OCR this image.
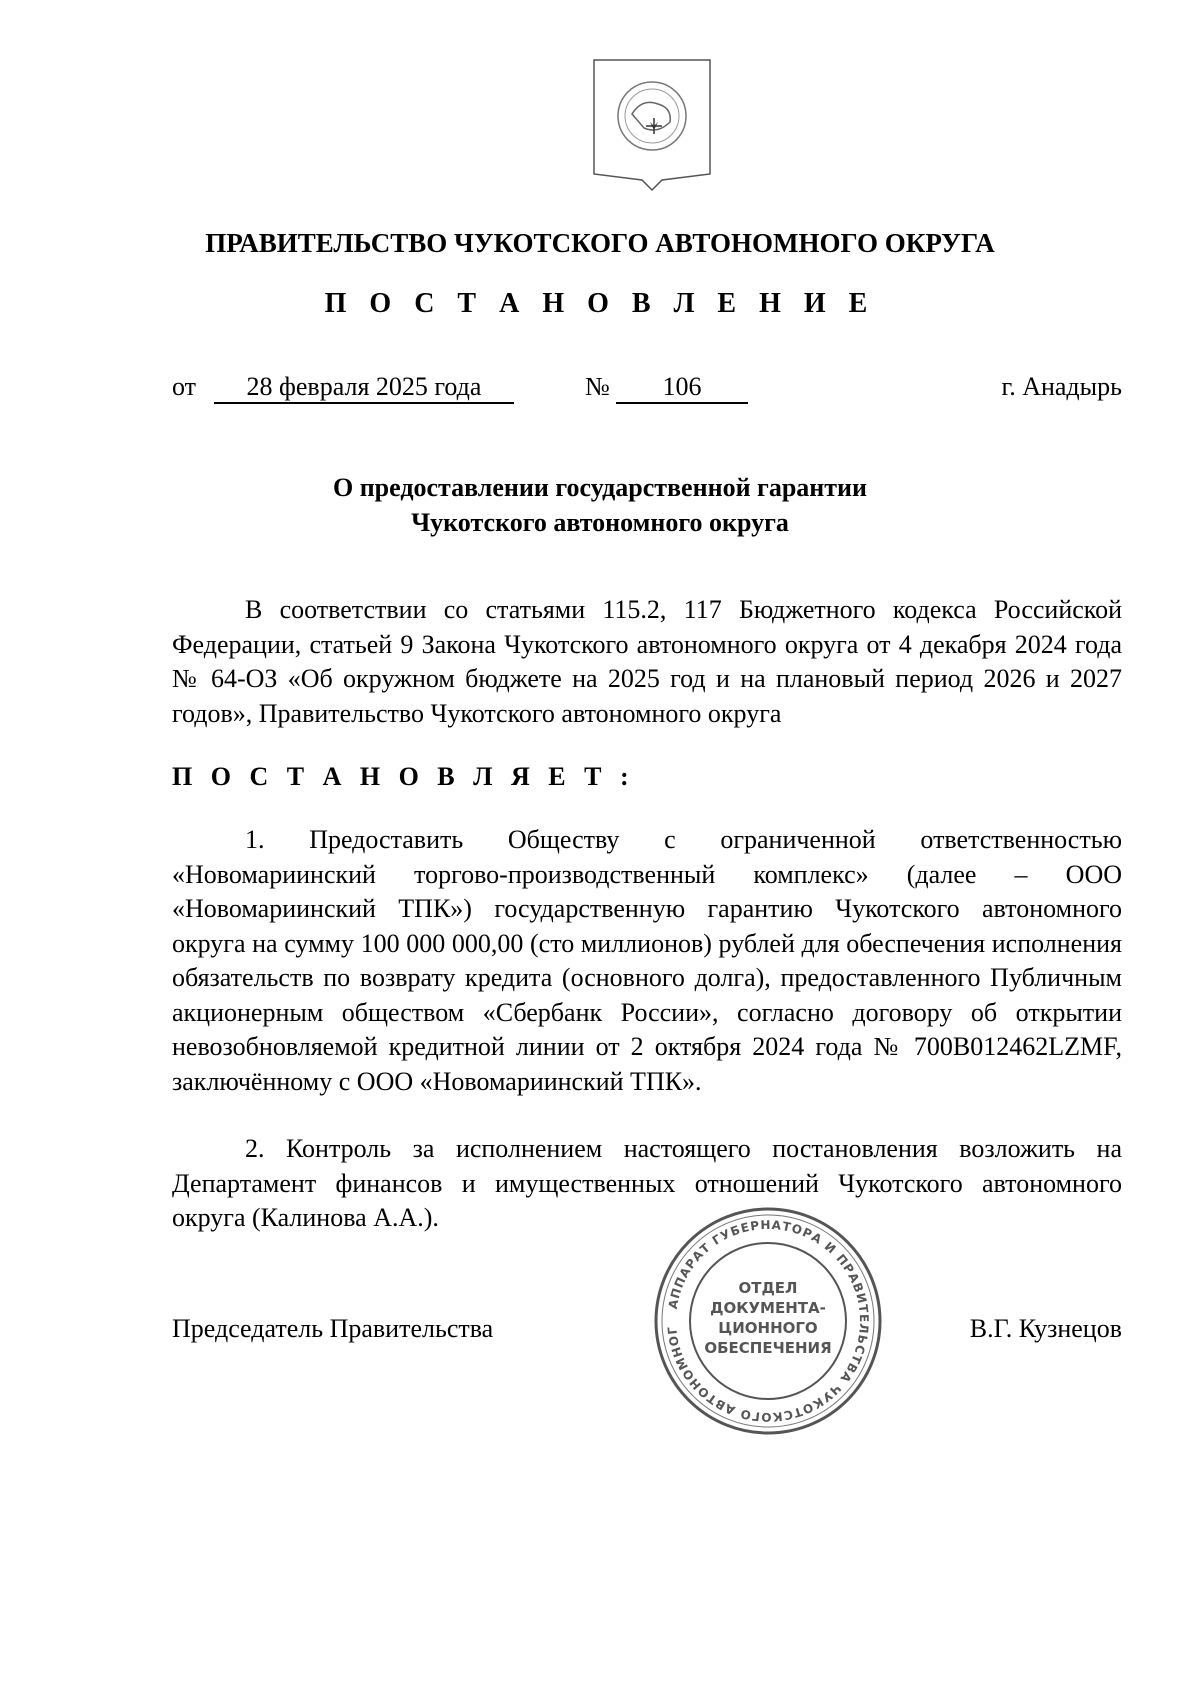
ПРАВИТЕЛЬСТВО ЧУКОТСКОГО АВТОНОМНОГО ОКРУГА
П О С Т А Н О В Л Е Н И Е
от	28 февраля 2025 года	№	106	г. Анадырь
О предоставлении государственной гарантии
Чукотского автономного округа

В соответствии со статьями 115.2, 117 Бюджетного кодекса Российской Федерации, статьей 9 Закона Чукотского автономного округа от 4 декабря 2024 года № 64-ОЗ «Об окружном бюджете на 2025 год и на плановый период 2026 и 2027 годов», Правительство Чукотского автономного округа

П О С Т А Н О В Л Я Е Т :

1. Предоставить Обществу с ограниченной ответственностью «Новомариинский торгово-производственный комплекс» (далее – ООО «Новомариинский ТПК») государственную гарантию Чукотского автономного округа на сумму 100 000 000,00 (сто миллионов) рублей для обеспечения исполнения обязательств по возврату кредита (основного долга), предоставленного Публичным акционерным обществом «Сбербанк России», согласно договору об открытии невозобновляемой кредитной линии от 2 октября 2024 года № 700B012462LZMF, заключённому с ООО «Новомариинский ТПК».

2. Контроль за исполнением настоящего постановления возложить на Департамент финансов и имущественных отношений Чукотского автономного округа (Калинова А.А.).

Председатель Правительства	В.Г. Кузнецов
АППАРАТ ГУБЕРНАТОРА И ПРАВИТЕЛЬСТВА ЧУКОТСКОГО АВТОНОМНОГ
ОТДЕЛ
ДОКУМЕНТА-
ЦИОННОГО
ОБЕСПЕЧЕНИЯ
